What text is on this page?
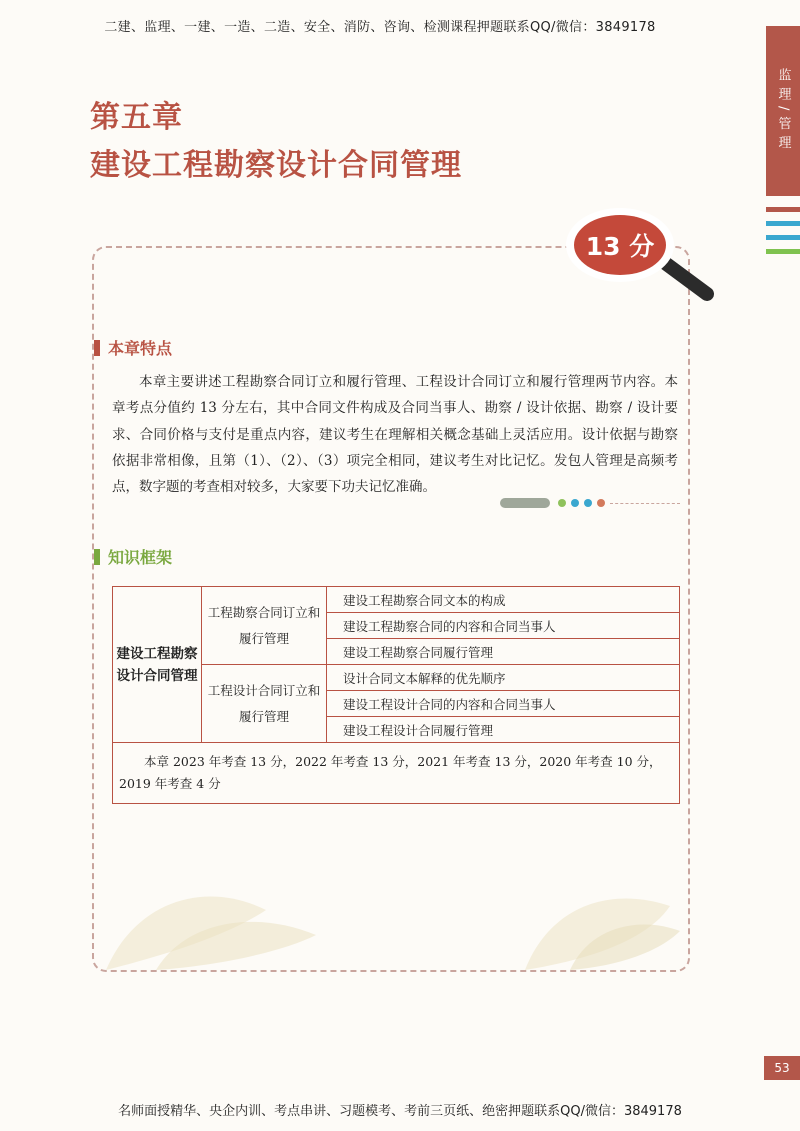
二建、监理、一建、一造、二造、安全、消防、咨询、检测课程押题联系QQ/微信：3849178
监理/管理
第五章
建设工程勘察设计合同管理
13 分
本章特点
本章主要讲述工程勘察合同订立和履行管理、工程设计合同订立和履行管理两节内容。本章考点分值约 13 分左右，其中合同文件构成及合同当事人、勘察 / 设计依据、勘察 / 设计要求、合同价格与支付是重点内容，建议考生在理解相关概念基础上灵活应用。设计依据与勘察依据非常相像，且第（1）、（2）、（3）项完全相同，建议考生对比记忆。发包人管理是高频考点，数字题的考查相对较多，大家要下功夫记忆准确。
知识框架
建设工程勘察设计合同管理	工程勘察合同订立和履行管理	建设工程勘察合同文本的构成
		建设工程勘察合同的内容和合同当事人
		建设工程勘察合同履行管理
	工程设计合同订立和履行管理	设计合同文本解释的优先顺序
		建设工程设计合同的内容和合同当事人
		建设工程设计合同履行管理
本章 2023 年考查 13 分，2022 年考查 13 分，2021 年考查 13 分，2020 年考查 10 分，2019 年考查 4 分		
53
名师面授精华、央企内训、考点串讲、习题模考、考前三页纸、绝密押题联系QQ/微信：3849178
